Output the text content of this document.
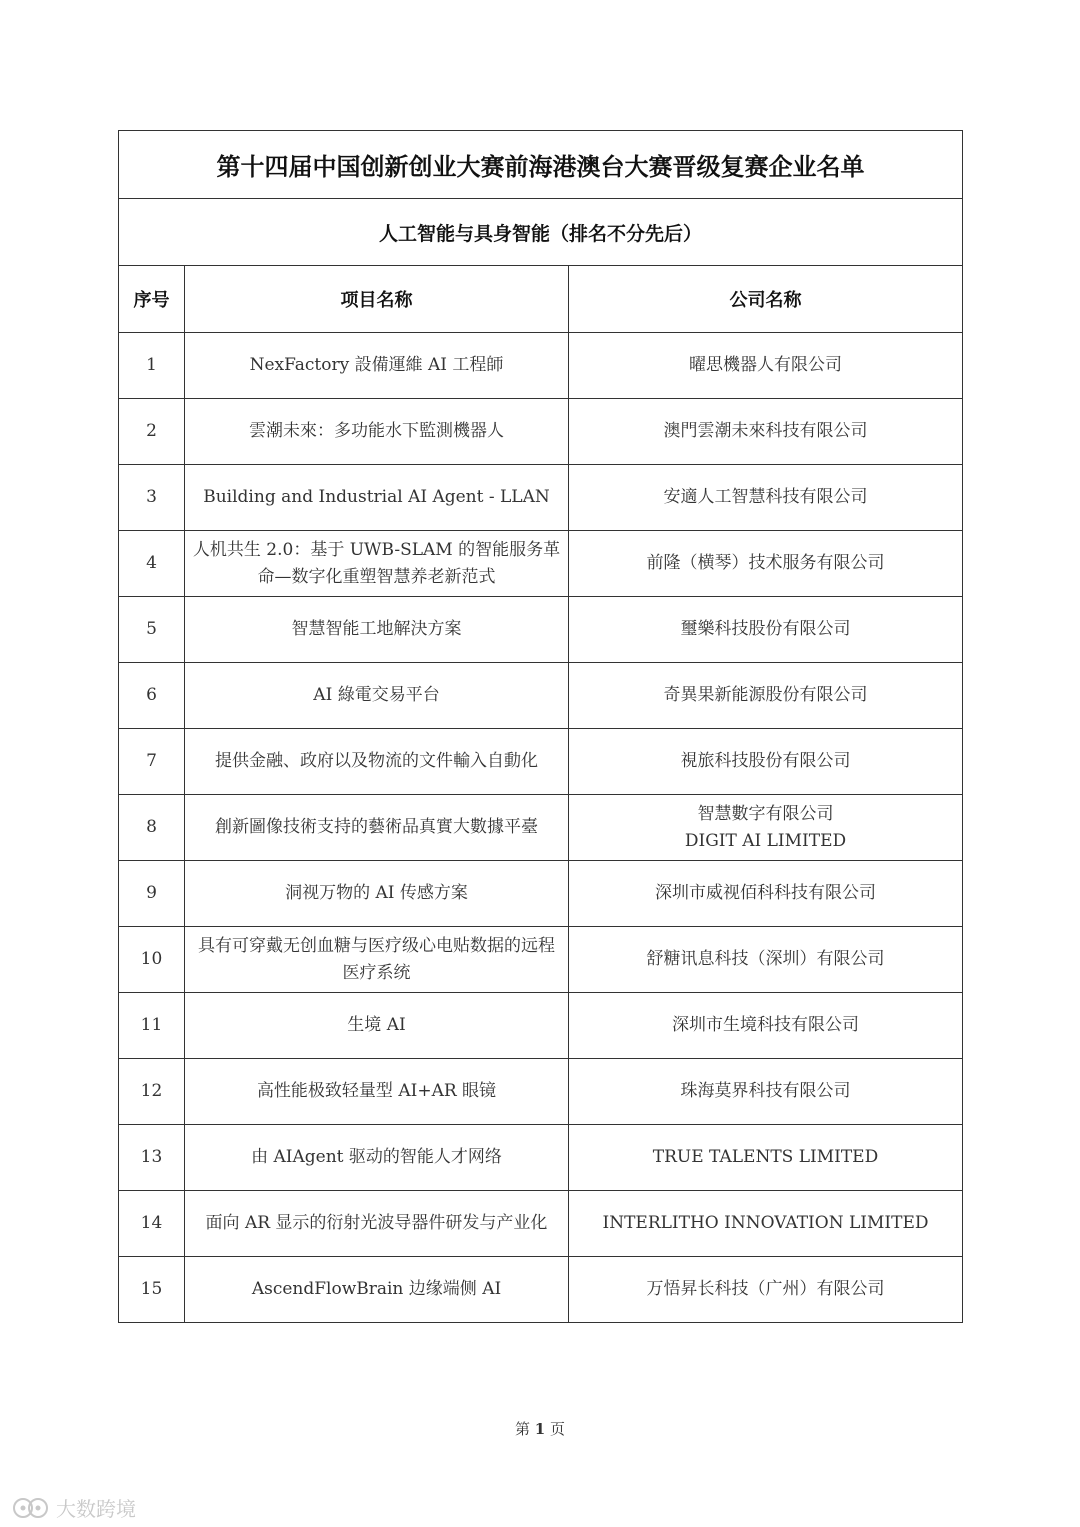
第十四届中国创新创业大赛前海港澳台大赛晋级复赛企业名单		
人工智能与具身智能（排名不分先后）		
序号	项目名称	公司名称
1	NexFactory 設備運維 AI 工程師	曜思機器人有限公司

2	雲潮未來：多功能水下監測機器人	澳門雲潮未來科技有限公司

3	Building and Industrial AI Agent - LLAN	安適人工智慧科技有限公司

4	人机共生 2.0：基于 UWB-SLAM 的智能服务革命—数字化重塑智慧养老新范式	前隆（横琴）技术服务有限公司

5	智慧智能工地解決方案	璽樂科技股份有限公司

6	AI 綠電交易平台	奇異果新能源股份有限公司

7	提供金融、政府以及物流的文件輸入自動化	視旅科技股份有限公司

8	創新圖像技術支持的藝術品真實大數據平臺	智慧數字有限公司
DIGIT AI LIMITED

9	洞视万物的 AI 传感方案	深圳市威视佰科科技有限公司

10	具有可穿戴无创血糖与医疗级心电贴数据的远程医疗系统	舒糖讯息科技（深圳）有限公司

11	生境 AI	深圳市生境科技有限公司

12	高性能极致轻量型 AI+AR 眼镜	珠海莫界科技有限公司

13	由 AIAgent 驱动的智能人才网络	TRUE TALENTS LIMITED

14	面向 AR 显示的衍射光波导器件研发与产业化	INTERLITHO INNOVATION LIMITED

15	AscendFlowBrain 边缘端侧 AI	万悟昇长科技（广州）有限公司
第 1 页
大数跨境
